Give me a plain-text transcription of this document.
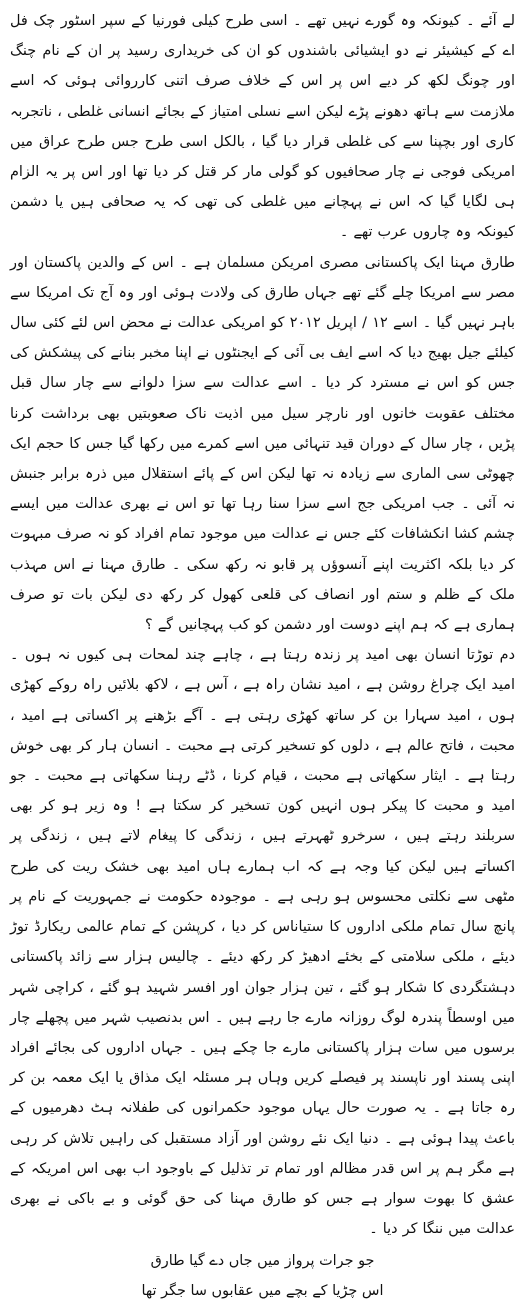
لے آئے ۔ کیونکہ وہ گورے نہیں تھے ۔ اسی طرح کیلی فورنیا کے سپر اسٹور چک فل اے کے کیشیئر نے دو ایشیائی باشندوں کو ان کی خریداری رسید پر ان کے نام چنگ اور چونگ لکھ کر دیے اس پر اس کے خلاف صرف اتنی کارروائی ہوئی کہ اسے ملازمت سے ہاتھ دھونے پڑے لیکن اسے نسلی امتیاز کے بجائے انسانی غلطی ، ناتجربہ کاری اور بچپنا سے کی غلطی قرار دیا گیا ، بالکل اسی طرح جس طرح عراق میں امریکی فوجی نے چار صحافیوں کو گولی مار کر قتل کر دیا تھا اور اس پر یہ الزام ہی لگایا گیا کہ اس نے پہچانے میں غلطی کی تھی کہ یہ صحافی ہیں یا دشمن کیونکہ وہ چاروں عرب تھے ۔

طارق مہنا ایک پاکستانی مصری امریکن مسلمان ہے ۔ اس کے والدین پاکستان اور مصر سے امریکا چلے گئے تھے جہاں طارق کی ولادت ہوئی اور وہ آج تک امریکا سے باہر نہیں گیا ۔ اسے ۱۲ / اپریل ۲۰۱۲ کو امریکی عدالت نے محض اس لئے کئی سال کیلئے جیل بھیج دیا کہ اسے ایف بی آئی کے ایجنٹوں نے اپنا مخبر بنانے کی پیشکش کی جس کو اس نے مسترد کر دیا ۔ اسے عدالت سے سزا دلوانے سے چار سال قبل مختلف عقوبت خانوں اور نارچر سیل میں اذیت ناک صعوبتیں بھی برداشت کرنا پڑیں ، چار سال کے دوران قید تنہائی میں اسے کمرے میں رکھا گیا جس کا حجم ایک چھوٹی سی الماری سے زیادہ نہ تھا لیکن اس کے پائے استقلال میں ذرہ برابر جنبش نہ آئی ۔ جب امریکی جج اسے سزا سنا رہا تھا تو اس نے بھری عدالت میں ایسے چشم کشا انکشافات کئے جس نے عدالت میں موجود تمام افراد کو نہ صرف مبہوت کر دیا بلکہ اکثریت اپنے آنسوؤں پر قابو نہ رکھ سکی ۔ طارق مہنا نے اس مہذب ملک کے ظلم و ستم اور انصاف کی قلعی کھول کر رکھ دی لیکن بات تو صرف ہماری ہے کہ ہم اپنے دوست اور دشمن کو کب پہچانیں گے ؟

دم توڑتا انسان بھی امید پر زندہ رہتا ہے ، چاہے چند لمحات ہی کیوں نہ ہوں ۔ امید ایک چراغ روشن ہے ، امید نشان راہ ہے ، آس ہے ، لاکھ بلائیں راہ روکے کھڑی ہوں ، امید سہارا بن کر ساتھ کھڑی رہتی ہے ۔ آگے بڑھنے پر اکساتی ہے امید ، محبت ، فاتح عالم ہے ، دلوں کو تسخیر کرتی ہے محبت ۔ انسان ہار کر بھی خوش رہتا ہے ۔ ایثار سکھاتی ہے محبت ، قیام کرنا ، ڈٹے رہنا سکھاتی ہے محبت ۔ جو امید و محبت کا پیکر ہوں انہیں کون تسخیر کر سکتا ہے ! وہ زیر ہو کر بھی سربلند رہتے ہیں ، سرخرو ٹھہرتے ہیں ، زندگی کا پیغام لاتے ہیں ، زندگی پر اکساتے ہیں لیکن کیا وجہ ہے کہ اب ہمارے ہاں امید بھی خشک ریت کی طرح مٹھی سے نکلتی محسوس ہو رہی ہے ۔ موجودہ حکومت نے جمہوریت کے نام پر پانچ سال تمام ملکی اداروں کا ستیاناس کر دیا ، کرپشن کے تمام عالمی ریکارڈ توڑ دیئے ، ملکی سلامتی کے بخئے ادھیڑ کر رکھ دیئے ۔ چالیس ہزار سے زائد پاکستانی دہشتگردی کا شکار ہو گئے ، تین ہزار جوان اور افسر شہید ہو گئے ، کراچی شہر میں اوسطاً پندرہ لوگ روزانہ مارے جا رہے ہیں ۔ اس بدنصیب شہر میں پچھلے چار برسوں میں سات ہزار پاکستانی مارے جا چکے ہیں ۔ جہاں اداروں کی بجائے افراد اپنی پسند اور ناپسند پر فیصلے کریں وہاں ہر مسئلہ ایک مذاق یا ایک معمہ بن کر رہ جاتا ہے ۔ یہ صورت حال یہاں موجود حکمرانوں کی طفلانہ ہٹ دھرمیوں کے باعث پیدا ہوئی ہے ۔ دنیا ایک نئے روشن اور آزاد مستقبل کی راہیں تلاش کر رہی ہے مگر ہم پر اس قدر مظالم اور تمام تر تذلیل کے باوجود اب بھی اس امریکہ کے عشق کا بھوت سوار ہے جس کو طارق مہنا کی حق گوئی و بے باکی نے بھری عدالت میں ننگا کر دیا ۔

جو جرات پرواز میں جاں دے گیا طارق
اس چڑیا کے بچے میں عقابوں سا جگر تھا
